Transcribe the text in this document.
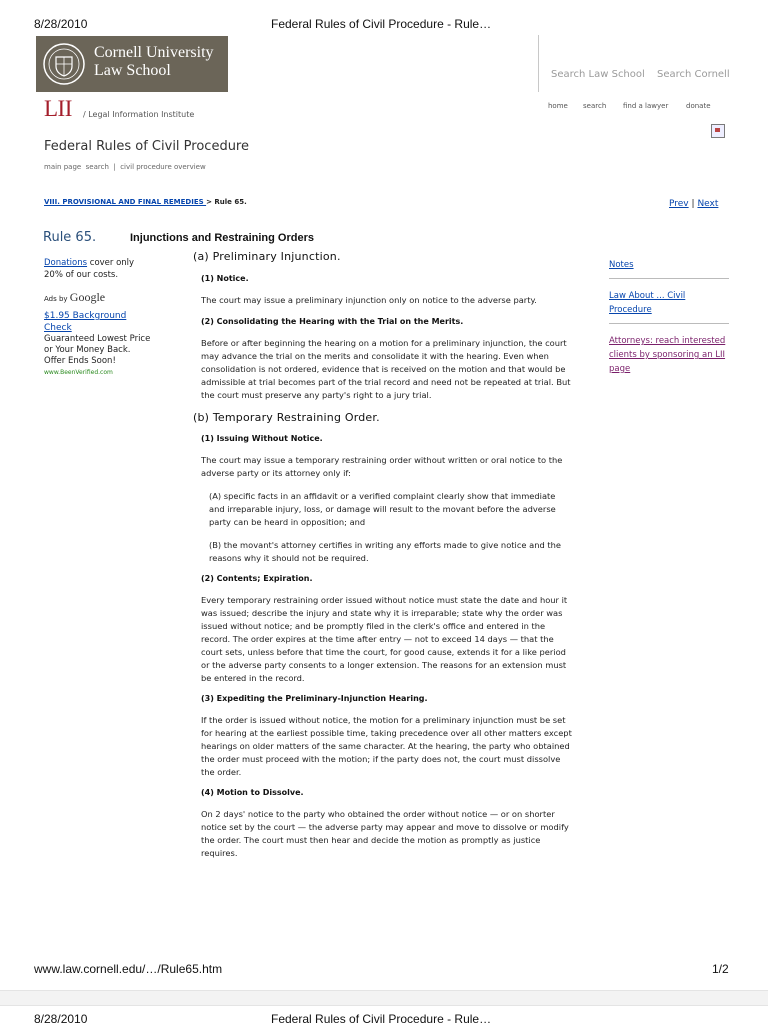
8/28/2010	Federal Rules of Civil Procedure - Rule…
Cornell University
Law School	Search Law School Search Cornell
LII / Legal Information Institute
home search find a lawyer	donate
Federal Rules of Civil Procedure
main page search | civil procedure overview
VIII. PROVISIONAL AND FINAL REMEDIES > Rule 65.	Prev | Next
Rule 65.	Injunctions and Restraining Orders
Donations cover only 20% of our costs.
Ads by Google
$1.95 Background Check
Guaranteed Lowest Price or Your Money Back. Offer Ends Soon!
www.BeenVerified.com

(a) Preliminary Injunction.

(1) Notice.

The court may issue a preliminary injunction only on notice to the adverse party.

(2) Consolidating the Hearing with the Trial on the Merits.

Before or after beginning the hearing on a motion for a preliminary injunction, the court may advance the trial on the merits and consolidate it with the hearing. Even when consolidation is not ordered, evidence that is received on the motion and that would be admissible at trial becomes part of the trial record and need not be repeated at trial. But the court must preserve any party's right to a jury trial.

(b) Temporary Restraining Order.

(1) Issuing Without Notice.

The court may issue a temporary restraining order without written or oral notice to the adverse party or its attorney only if:

(A) specific facts in an affidavit or a verified complaint clearly show that immediate and irreparable injury, loss, or damage will result to the movant before the adverse party can be heard in opposition; and

(B) the movant's attorney certifies in writing any efforts made to give notice and the reasons why it should not be required.

(2) Contents; Expiration.

Every temporary restraining order issued without notice must state the date and hour it was issued; describe the injury and state why it is irreparable; state why the order was issued without notice; and be promptly filed in the clerk's office and entered in the record. The order expires at the time after entry — not to exceed 14 days — that the court sets, unless before that time the court, for good cause, extends it for a like period or the adverse party consents to a longer extension. The reasons for an extension must be entered in the record.

(3) Expediting the Preliminary-Injunction Hearing.

If the order is issued without notice, the motion for a preliminary injunction must be set for hearing at the earliest possible time, taking precedence over all other matters except hearings on older matters of the same character. At the hearing, the party who obtained the order must proceed with the motion; if the party does not, the court must dissolve the order.

(4) Motion to Dissolve.

On 2 days' notice to the party who obtained the order without notice — or on shorter notice set by the court — the adverse party may appear and move to dissolve or modify the order. The court must then hear and decide the motion as promptly as justice requires.

Notes
Law About ... Civil Procedure
Attorneys: reach interested clients by sponsoring an LII page
www.law.cornell.edu/…/Rule65.htm	1/2
8/28/2010	Federal Rules of Civil Procedure - Rule…
